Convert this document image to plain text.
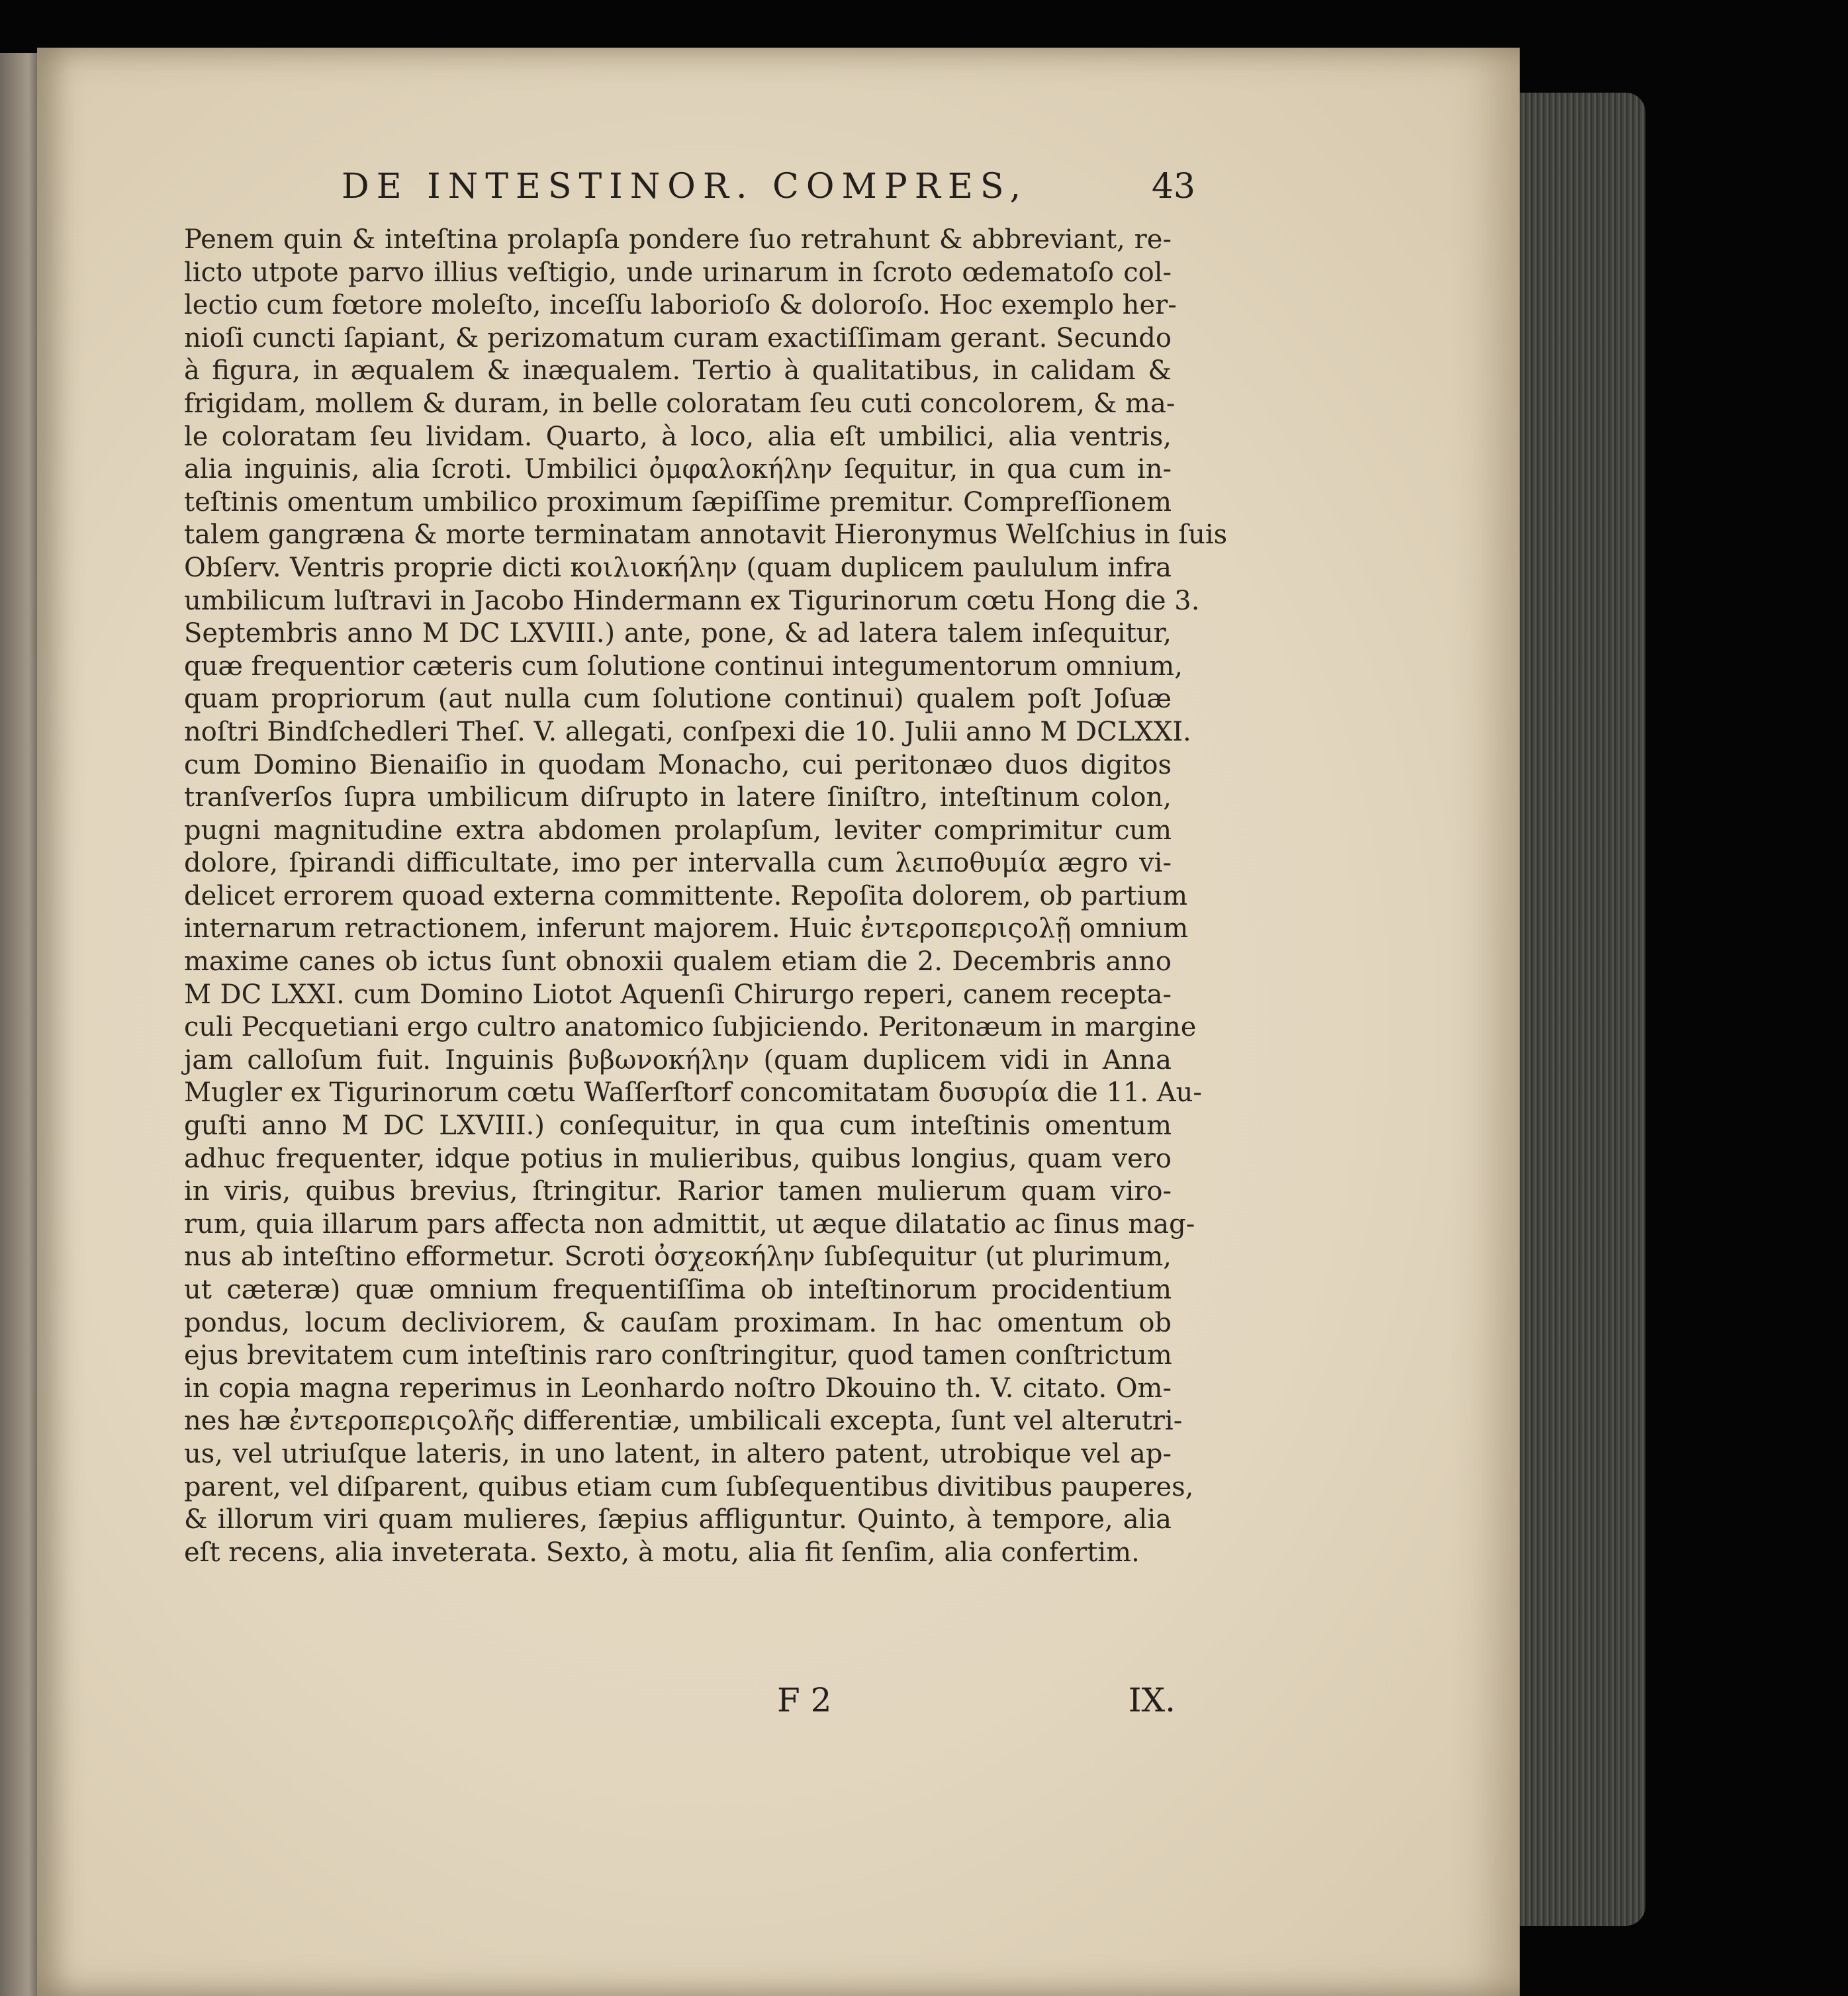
DE INTESTINOR. COMPRES,	43
Penem quin & inteſtina prolapſa pondere ſuo retrahunt & abbreviant, re-
licto utpote parvo illius veſtigio, unde urinarum in ſcroto œdematoſo col-
lectio cum fœtore moleſto, inceſſu laborioſo & doloroſo. Hoc exemplo her-
nioſi cuncti ſapiant, & perizomatum curam exactiſſimam gerant. Secundo
à figura, in æqualem & inæqualem. Tertio à qualitatibus, in calidam &
frigidam, mollem & duram, in belle coloratam ſeu cuti concolorem, & ma-
le coloratam ſeu lividam. Quarto, à loco, alia eſt umbilici, alia ventris,
alia inguinis, alia ſcroti. Umbilici ὀμφαλοκήλην ſequitur, in qua cum in-
teſtinis omentum umbilico proximum ſæpiſſime premitur. Compreſſionem
talem gangræna & morte terminatam annotavit Hieronymus Welſchius in ſuis
Obſerv. Ventris proprie dicti κοιλιοκήλην (quam duplicem paululum infra
umbilicum luſtravi in Jacobo Hindermann ex Tigurinorum cœtu Hong die 3.
Septembris anno M DC LXVIII.) ante, pone, & ad latera talem inſequitur,
quæ frequentior cæteris cum ſolutione continui integumentorum omnium,
quam propriorum (aut nulla cum ſolutione continui) qualem poſt Joſuæ
noſtri Bindſchedleri Theſ. V. allegati, conſpexi die 10. Julii anno M DCLXXI.
cum Domino Bienaiſio in quodam Monacho, cui peritonæo duos digitos
tranſverſos ſupra umbilicum diſrupto in latere ſiniſtro, inteſtinum colon,
pugni magnitudine extra abdomen prolapſum, leviter comprimitur cum
dolore, ſpirandi difficultate, imo per intervalla cum λειποθυμία ægro vi-
delicet errorem quoad externa committente. Repoſita dolorem, ob partium
internarum retractionem, inferunt majorem. Huic ἐντεροπεριςολῇ omnium
maxime canes ob ictus ſunt obnoxii qualem etiam die 2. Decembris anno
M DC LXXI. cum Domino Liotot Aquenſi Chirurgo reperi, canem recepta-
culi Pecquetiani ergo cultro anatomico ſubjiciendo. Peritonæum in margine
jam calloſum fuit. Inguinis βυβωνοκήλην (quam duplicem vidi in Anna
Mugler ex Tigurinorum cœtu Waſſerſtorf concomitatam δυσυρία die 11. Au-
guſti anno M DC LXVIII.) conſequitur, in qua cum inteſtinis omentum
adhuc frequenter, idque potius in mulieribus, quibus longius, quam vero
in viris, quibus brevius, ſtringitur. Rarior tamen mulierum quam viro-
rum, quia illarum pars affecta non admittit, ut æque dilatatio ac ſinus mag-
nus ab inteſtino efformetur. Scroti ὀσχεοκήλην ſubſequitur (ut plurimum,
ut cæteræ) quæ omnium frequentiſſima ob inteſtinorum procidentium
pondus, locum decliviorem, & cauſam proximam. In hac omentum ob
ejus brevitatem cum inteſtinis raro conſtringitur, quod tamen conſtrictum
in copia magna reperimus in Leonhardo noſtro Dkouino th. V. citato. Om-
nes hæ ἐντεροπεριςολῆς differentiæ, umbilicali excepta, ſunt vel alterutri-
us, vel utriuſque lateris, in uno latent, in altero patent, utrobique vel ap-
parent, vel diſparent, quibus etiam cum ſubſequentibus divitibus pauperes,
& illorum viri quam mulieres, ſæpius affliguntur. Quinto, à tempore, alia
eſt recens, alia inveterata. Sexto, à motu, alia fit ſenſim, alia confertim.
F 2	IX.
